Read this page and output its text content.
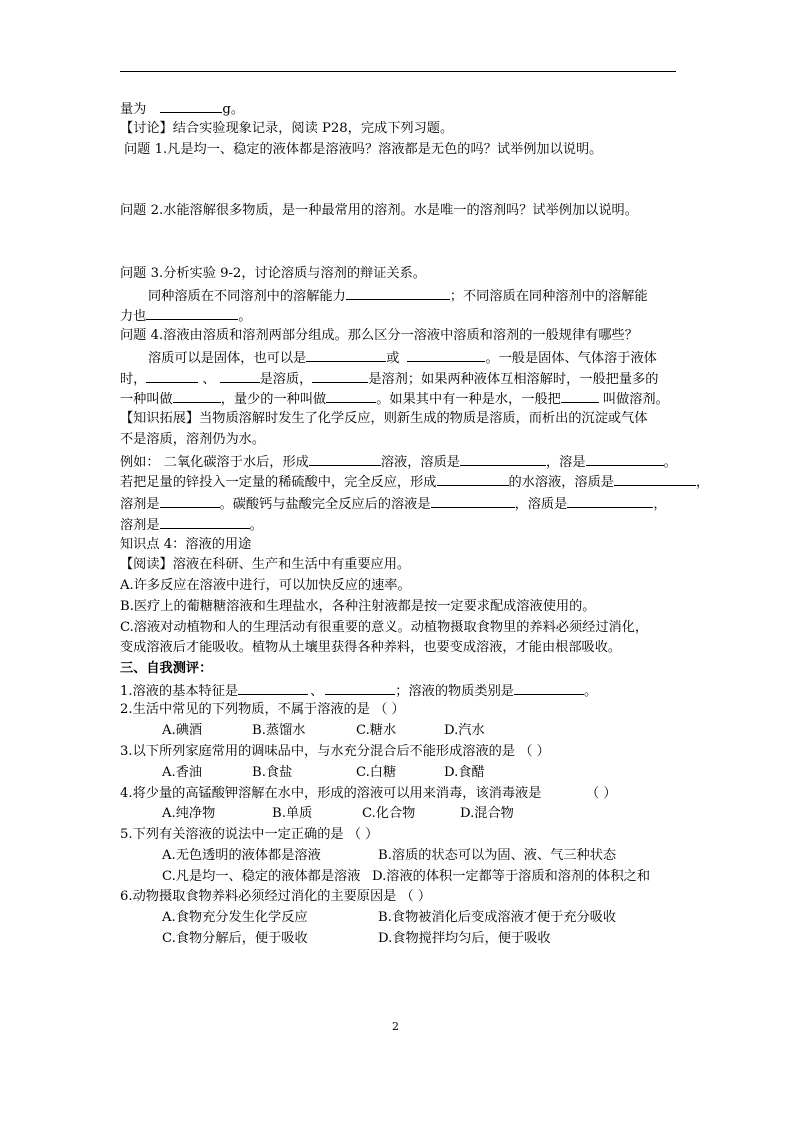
量为	g。
【讨论】结合实验现象记录，阅读 P28，完成下列习题。
问题 1.凡是均一、稳定的液体都是溶液吗？溶液都是无色的吗？试举例加以说明。
问题 2.水能溶解很多物质，是一种最常用的溶剂。水是唯一的溶剂吗？试举例加以说明。
问题 3.分析实验 9-2，讨论溶质与溶剂的辩证关系。
同种溶质在不同溶剂中的溶解能力	；不同溶质在同种溶剂中的溶解能
力也	。
问题 4.溶液由溶质和溶剂两部分组成。那么区分一溶液中溶质和溶剂的一般规律有哪些？
溶质可以是固体，也可以是	或	。一般是固体、气体溶于液体
时，	、	是溶质，	是溶剂；如果两种液体互相溶解时，一般把量多的
一种叫做	，量少的一种叫做	。如果其中有一种是水，一般把	叫做溶剂。
【知识拓展】当物质溶解时发生了化学反应，则新生成的物质是溶质，而析出的沉淀或气体
不是溶质，溶剂仍为水。
例如： 二氧化碳溶于水后，形成	溶液，溶质是	，溶是	。
若把足量的锌投入一定量的稀硫酸中，完全反应，形成	的水溶液，溶质是	，
溶剂是	。碳酸钙与盐酸完全反应后的溶液是	，溶质是	，
溶剂是	。
知识点 4：溶液的用途
【阅读】溶液在科研、生产和生活中有重要应用。
A.许多反应在溶液中进行，可以加快反应的速率。
B.医疗上的葡糖糖溶液和生理盐水，各种注射液都是按一定要求配成溶液使用的。
C.溶液对动植物和人的生理活动有很重要的意义。动植物摄取食物里的养料必须经过消化，
变成溶液后才能吸收。植物从土壤里获得各种养料，也要变成溶液，才能由根部吸收。
三、自我测评：
1.溶液的基本特征是	、	；溶液的物质类别是	。
2.生活中常见的下列物质，不属于溶液的是 （ ）
A.碘酒	B.蒸馏水	C.糖水	D.汽水
3.以下所列家庭常用的调味品中，与水充分混合后不能形成溶液的是 （ ）
A.香油	B.食盐	C.白糖	D.食醋
4.将少量的高锰酸钾溶解在水中，形成的溶液可以用来消毒，该消毒液是	（ ）
A.纯净物	B.单质	C.化合物	D.混合物
5.下列有关溶液的说法中一定正确的是 （ ）
A.无色透明的液体都是溶液	B.溶质的状态可以为固、液、气三种状态
C.凡是均一、稳定的液体都是溶液 D.溶液的体积一定都等于溶质和溶剂的体积之和
6.动物摄取食物养料必须经过消化的主要原因是 （ ）
A.食物充分发生化学反应	B.食物被消化后变成溶液才便于充分吸收
C.食物分解后，便于吸收	D.食物搅拌均匀后，便于吸收
2
